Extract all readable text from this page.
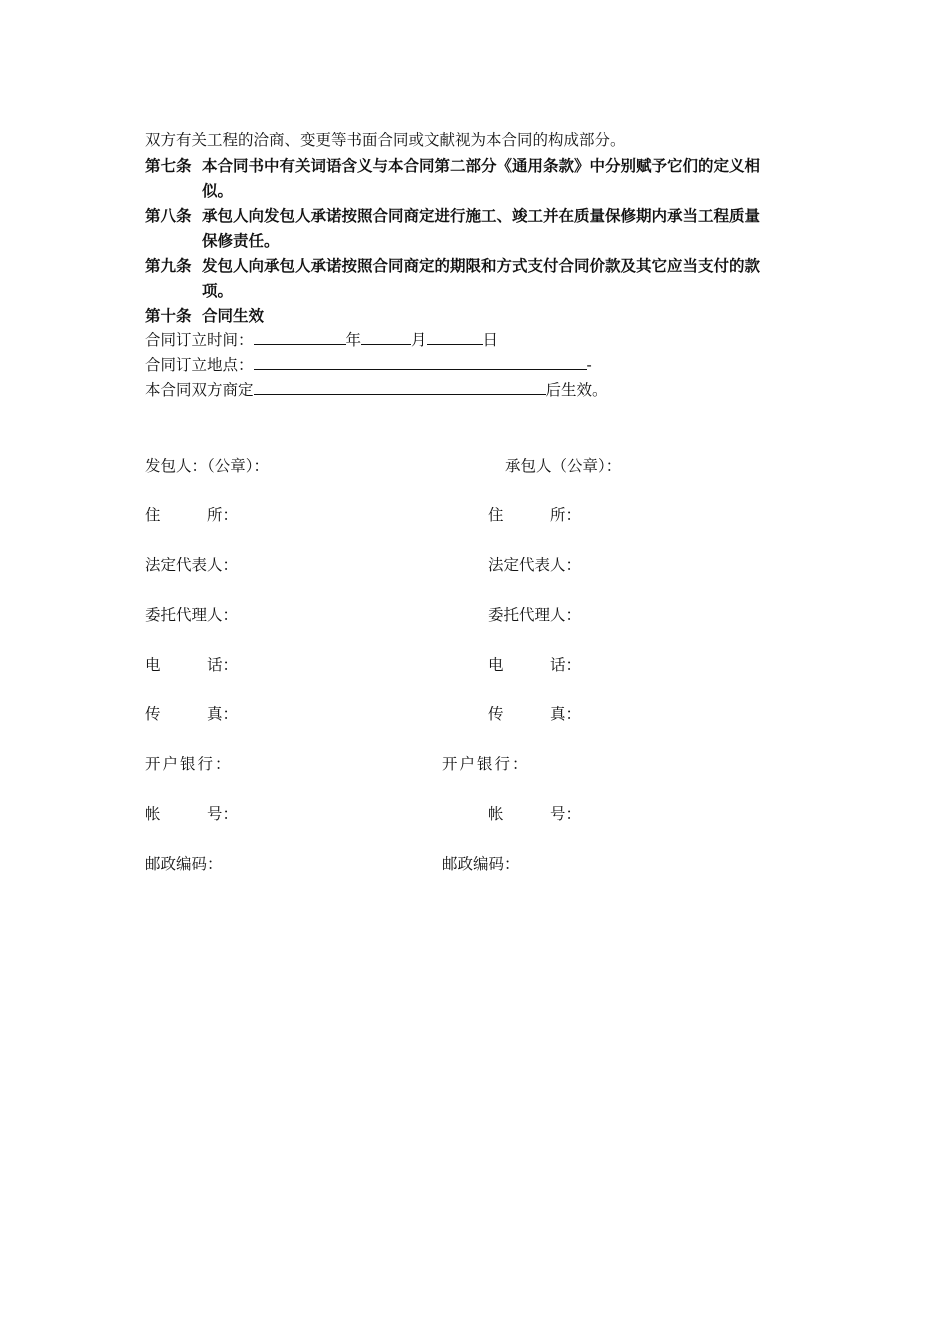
双方有关工程的洽商、变更等书面合同或文献视为本合同的构成部分。
第七条 本合同书中有关词语含义与本合同第二部分《通用条款》中分别赋予它们的定义相
似。
第八条 承包人向发包人承诺按照合同商定进行施工、竣工并在质量保修期内承当工程质量
保修责任。
第九条 发包人向承包人承诺按照合同商定的期限和方式支付合同价款及其它应当支付的款
项。
第十条 合同生效
合同订立时间：	年	月	日
合同订立地点：	-
本合同双方商定	后生效。
发包人：（公章）：	承包人（公章）：
住　　　所：	住　　　所：
法定代表人：	法定代表人：
委托代理人：	委托代理人：
电　　　话：	电　　　话：
传　　　真：	传　　　真：
开户银行：	开户银行：
帐　　　号：	帐　　　号：
邮政编码：	邮政编码：
